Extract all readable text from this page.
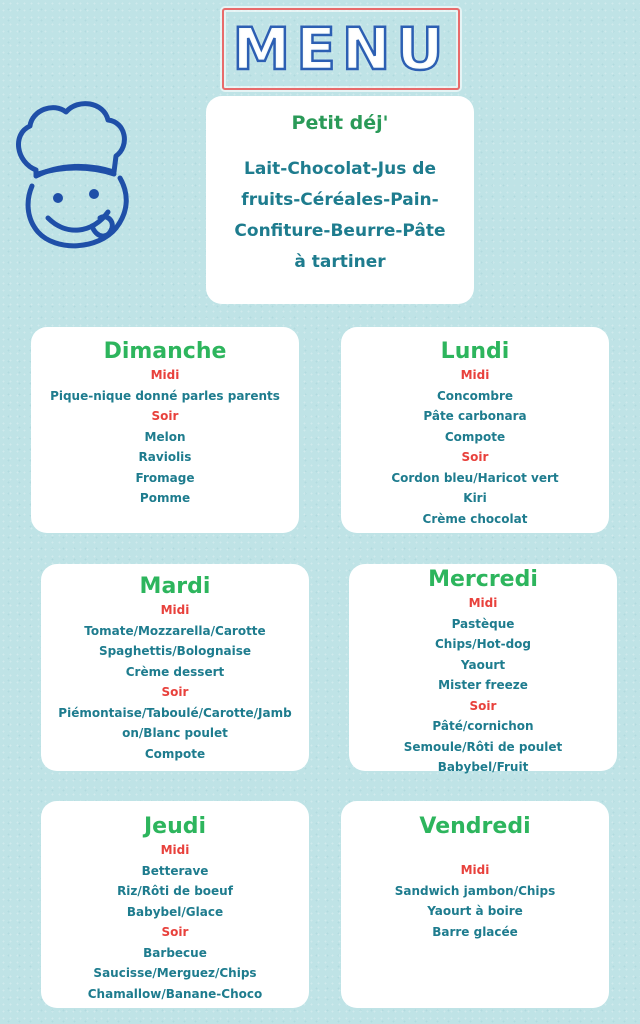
MENU
Petit déj'
Lait-Chocolat-Jus de
fruits-Céréales-Pain-
Confiture-Beurre-Pâte
à tartiner
Dimanche
Midi
Pique-nique donné parles parents
Soir
Melon
Raviolis
Fromage
Pomme
Lundi
Midi
Concombre
Pâte carbonara
Compote
Soir
Cordon bleu/Haricot vert
Kiri
Crème chocolat
Mardi
Midi
Tomate/Mozzarella/Carotte
Spaghettis/Bolognaise
Crème dessert
Soir
Piémontaise/Taboulé/Carotte/Jamb
on/Blanc poulet
Compote
Mercredi
Midi
Pastèque
Chips/Hot-dog
Yaourt
Mister freeze
Soir
Pâté/cornichon
Semoule/Rôti de poulet
Babybel/Fruit
Jeudi
Midi
Betterave
Riz/Rôti de boeuf
Babybel/Glace
Soir
Barbecue
Saucisse/Merguez/Chips
Chamallow/Banane-Choco
Vendredi
Midi
Sandwich jambon/Chips
Yaourt à boire
Barre glacée
